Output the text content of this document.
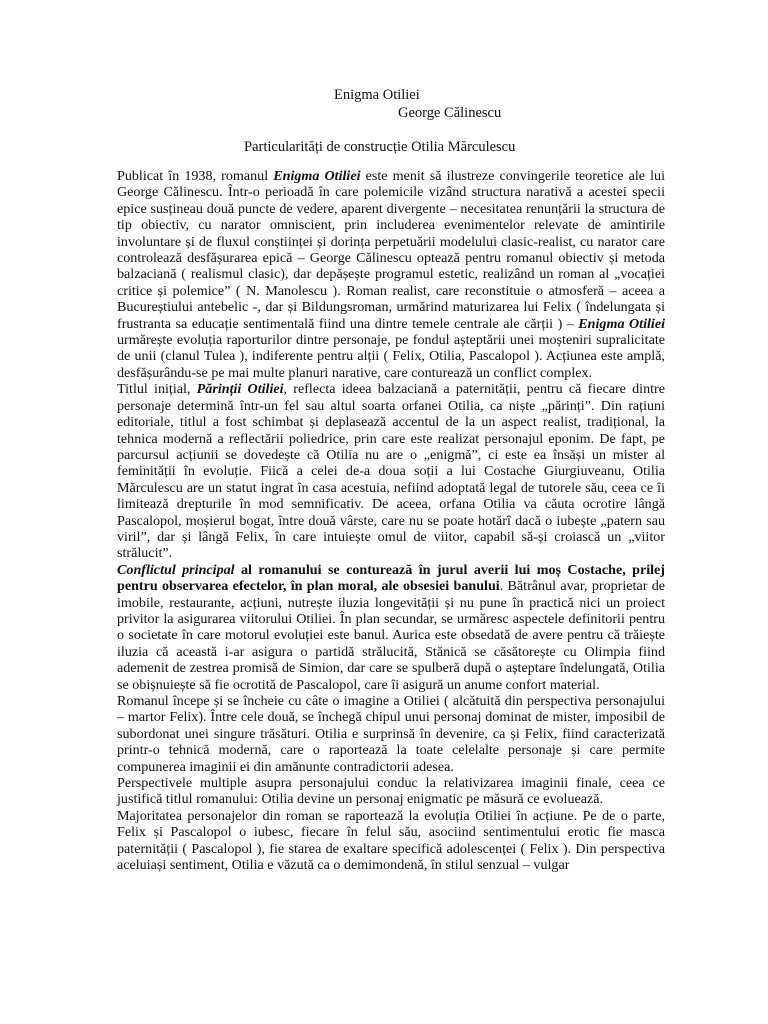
Enigma Otiliei
George Călinescu
Particularități de construcție Otilia Mărculescu

Publicat în 1938, romanul Enigma Otiliei este menit să ilustreze convingerile teoretice ale lui George Călinescu. Într-o perioadă în care polemicile vizând structura narativă a acestei specii epice susțineau două puncte de vedere, aparent divergente – necesitatea renunțării la structura de tip obiectiv, cu narator omniscient, prin includerea evenimentelor relevate de amintirile involuntare și de fluxul conștiinței și dorința perpetuării modelului clasic-realist, cu narator care controlează desfășurarea epică – George Călinescu optează pentru romanul obiectiv și metoda balzaciană ( realismul clasic), dar depășește programul estetic, realizând un roman al „vocației critice și polemice” ( N. Manolescu ). Roman realist, care reconstituie o atmosferă – aceea a Bucureștiului antebelic -, dar și Bildungsroman, urmărind maturizarea lui Felix ( îndelungata și frustranta sa educație sentimentală fiind una dintre temele centrale ale cărții ) – Enigma Otiliei urmărește evoluția raporturilor dintre personaje, pe fondul așteptării unei moșteniri supralicitate de unii (clanul Tulea ), indiferente pentru alții ( Felix, Otilia, Pascalopol ). Acțiunea este amplă, desfășurându-se pe mai multe planuri narative, care conturează un conflict complex.

Titlul inițial, Părinții Otiliei, reflecta ideea balzaciană a paternității, pentru că fiecare dintre personaje determină într-un fel sau altul soarta orfanei Otilia, ca niște „părinți”. Din rațiuni editoriale, titlul a fost schimbat și deplasează accentul de la un aspect realist, tradițional, la tehnica modernă a reflectării poliedrice, prin care este realizat personajul eponim. De fapt, pe parcursul acțiunii se dovedește că Otilia nu are o „enigmă”, ci este ea însăși un mister al feminității în evoluție. Fiică a celei de-a doua soții a lui Costache Giurgiuveanu, Otilia Mărculescu are un statut ingrat în casa acestuia, nefiind adoptată legal de tutorele său, ceea ce îi limitează drepturile în mod semnificativ. De aceea, orfana Otilia va căuta ocrotire lângă Pascalopol, moșierul bogat, între două vârste, care nu se poate hotărî dacă o iubește „patern sau viril”, dar și lângă Felix, în care intuiește omul de viitor, capabil să-și croiască un „viitor strălucit”.

Conflictul principal al romanului se conturează în jurul averii lui moș Costache, prilej pentru observarea efectelor, în plan moral, ale obsesiei banului. Bătrânul avar, proprietar de imobile, restaurante, acțiuni, nutrește iluzia longevității și nu pune în practică nici un proiect privitor la asigurarea viitorului Otiliei. În plan secundar, se urmăresc aspectele definitorii pentru o societate în care motorul evoluției este banul. Aurica este obsedată de avere pentru că trăiește iluzia că această i-ar asigura o partidă strălucită, Stănică se căsătorește cu Olimpia fiind ademenit de zestrea promisă de Simion, dar care se spulberă după o așteptare îndelungată, Otilia se obișnuiește să fie ocrotită de Pascalopol, care îi asigură un anume confort material.

Romanul începe și se încheie cu câte o imagine a Otiliei ( alcătuită din perspectiva personajului – martor Felix). Între cele două, se închegă chipul unui personaj dominat de mister, imposibil de subordonat unei singure trăsături. Otilia e surprinsă în devenire, ca și Felix, fiind caracterizată printr-o tehnică modernă, care o raportează la toate celelalte personaje și care permite compunerea imaginii ei din amănunte contradictorii adesea.

Perspectivele multiple asupra personajului conduc la relativizarea imaginii finale, ceea ce justifică titlul romanului: Otilia devine un personaj enigmatic pe măsură ce evoluează.

Majoritatea personajelor din roman se raportează la evoluția Otiliei în acțiune. Pe de o parte, Felix și Pascalopol o iubesc, fiecare în felul său, asociind sentimentului erotic fie masca paternității ( Pascalopol ), fie starea de exaltare specifică adolescenței ( Felix ). Din perspectiva aceluiași sentiment, Otilia e văzută ca o demimondenă, în stilul senzual – vulgar
